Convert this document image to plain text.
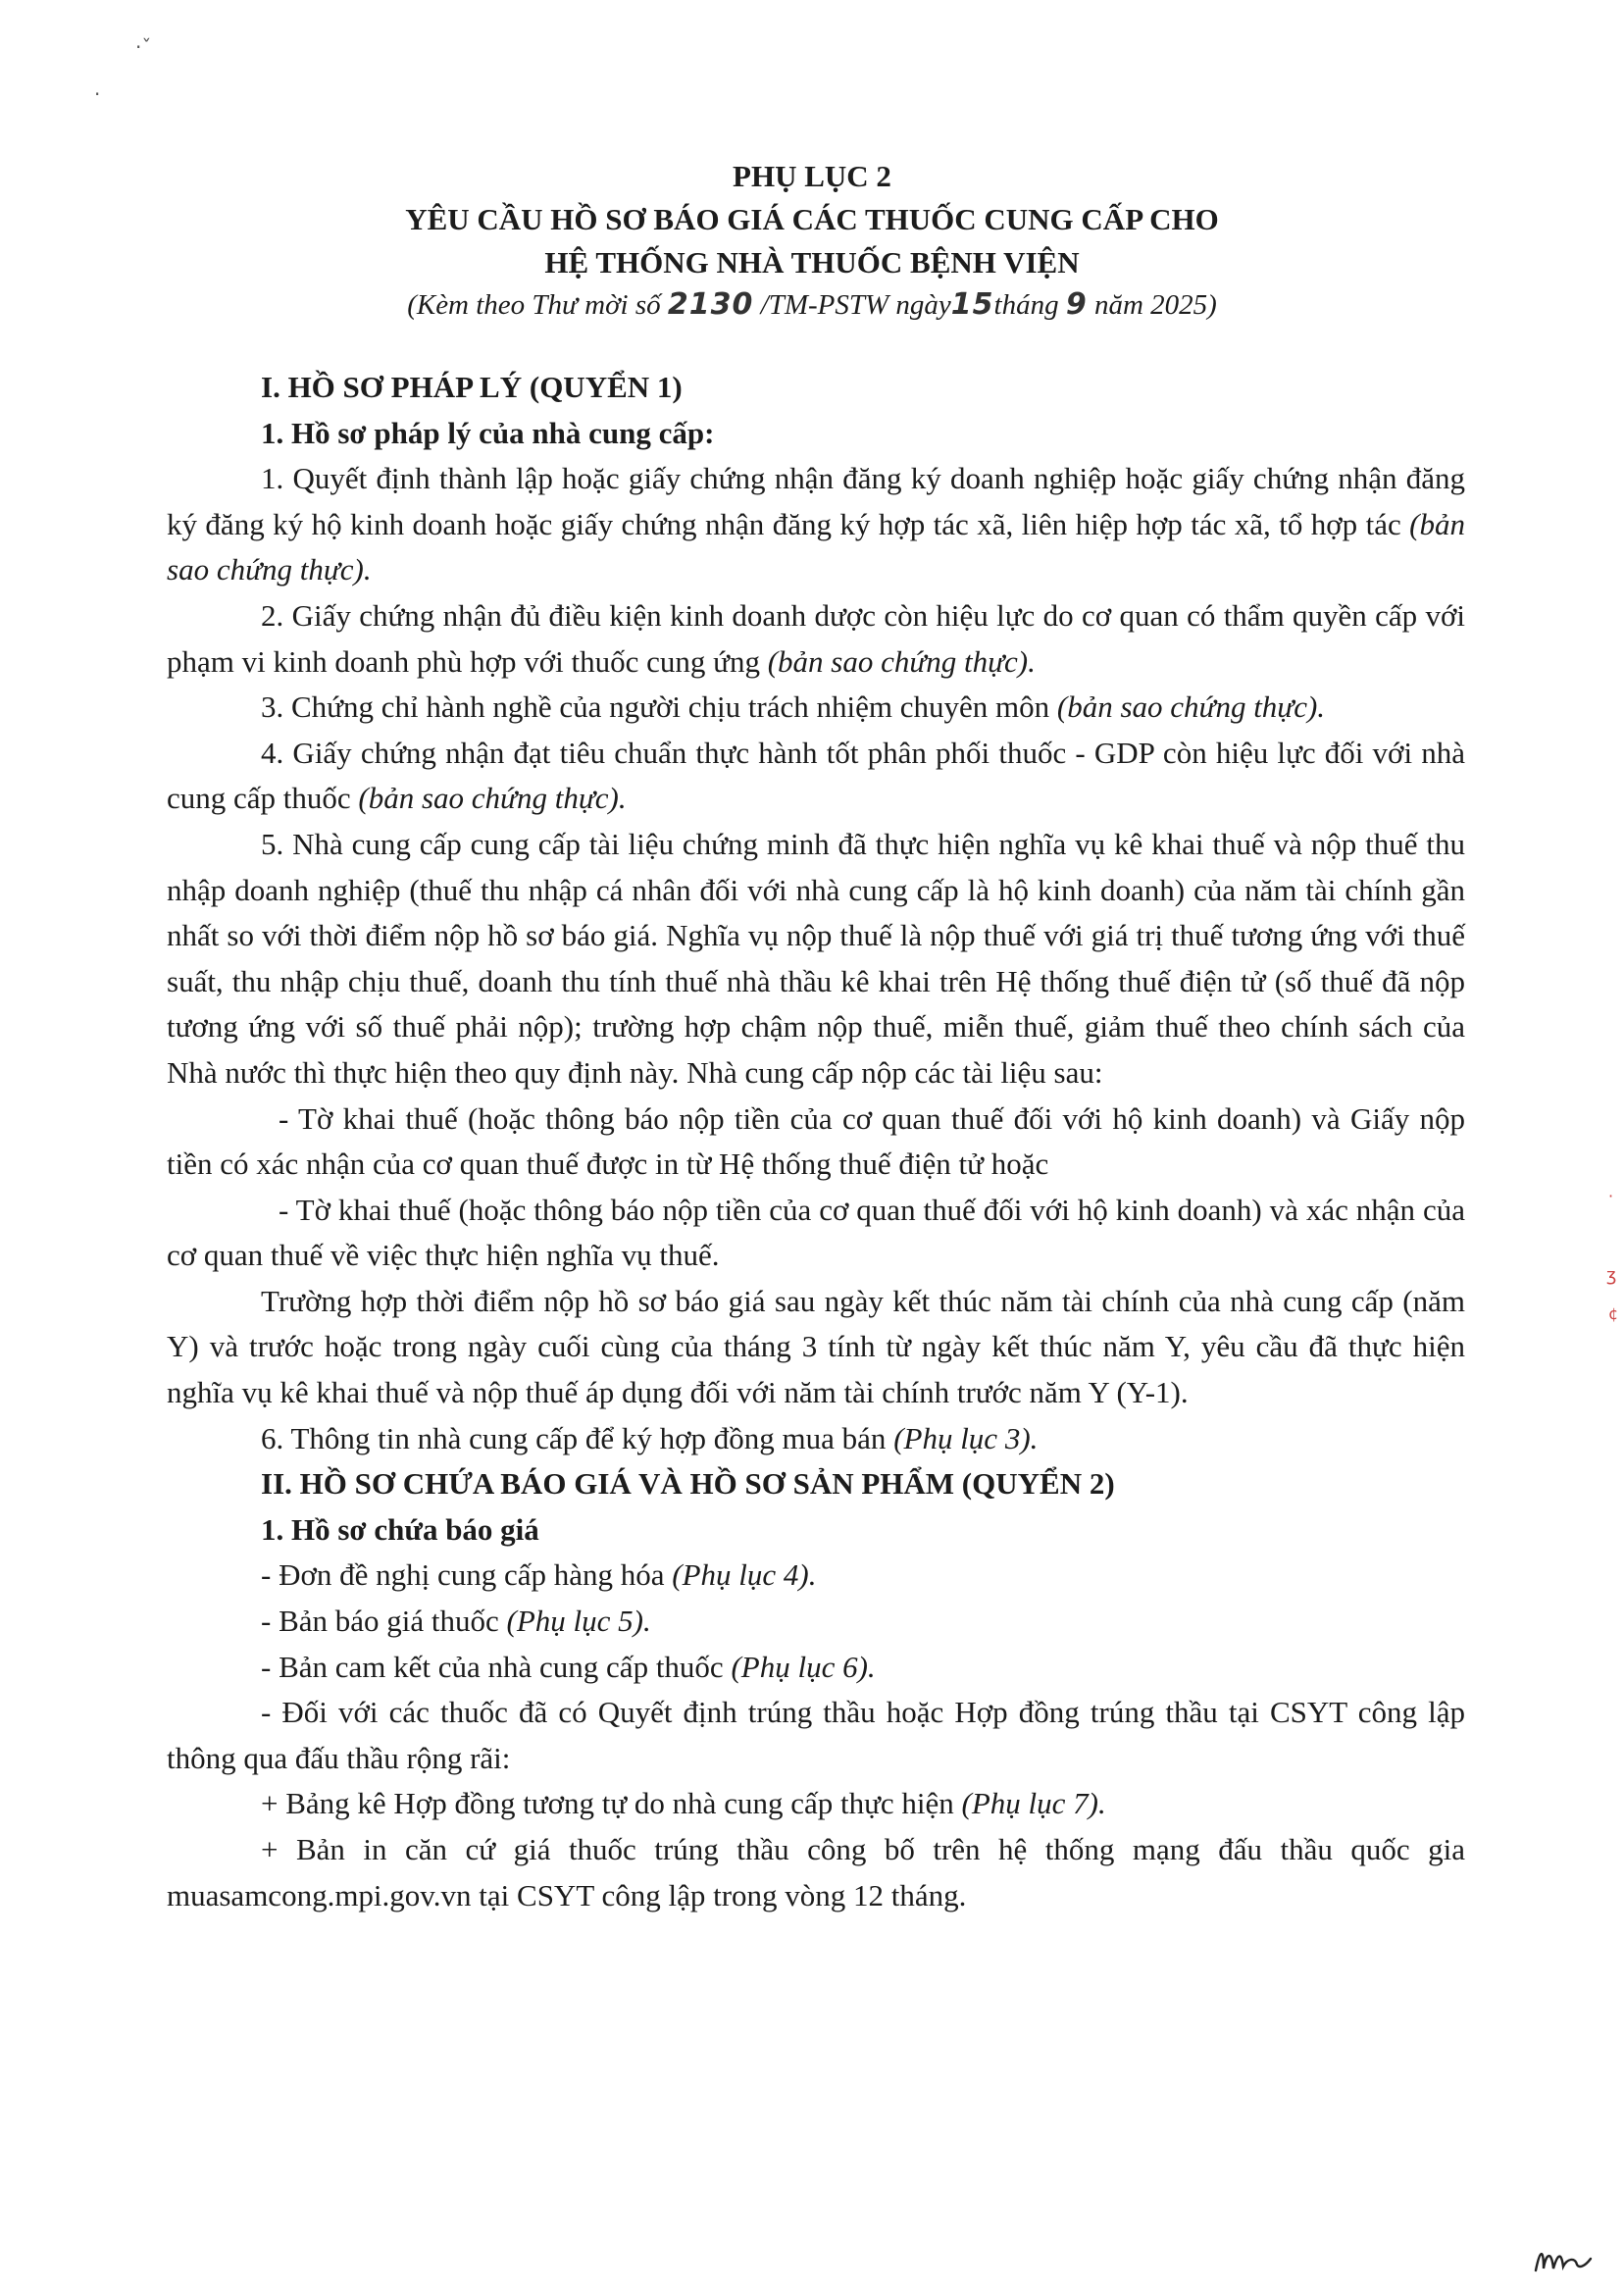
·ˇ
·
PHỤ LỤC 2
YÊU CẦU HỒ SƠ BÁO GIÁ CÁC THUỐC CUNG CẤP CHO
HỆ THỐNG NHÀ THUỐC BỆNH VIỆN
(Kèm theo Thư mời số 2130 /TM-PSTW ngày15tháng 9 năm 2025)

I. HỒ SƠ PHÁP LÝ (QUYỂN 1)

1. Hồ sơ pháp lý của nhà cung cấp:

1. Quyết định thành lập hoặc giấy chứng nhận đăng ký doanh nghiệp hoặc giấy chứng nhận đăng ký đăng ký hộ kinh doanh hoặc giấy chứng nhận đăng ký hợp tác xã, liên hiệp hợp tác xã, tổ hợp tác (bản sao chứng thực).

2. Giấy chứng nhận đủ điều kiện kinh doanh dược còn hiệu lực do cơ quan có thẩm quyền cấp với phạm vi kinh doanh phù hợp với thuốc cung ứng (bản sao chứng thực).

3. Chứng chỉ hành nghề của người chịu trách nhiệm chuyên môn (bản sao chứng thực).

4. Giấy chứng nhận đạt tiêu chuẩn thực hành tốt phân phối thuốc - GDP còn hiệu lực đối với nhà cung cấp thuốc (bản sao chứng thực).

5. Nhà cung cấp cung cấp tài liệu chứng minh đã thực hiện nghĩa vụ kê khai thuế và nộp thuế thu nhập doanh nghiệp (thuế thu nhập cá nhân đối với nhà cung cấp là hộ kinh doanh) của năm tài chính gần nhất so với thời điểm nộp hồ sơ báo giá. Nghĩa vụ nộp thuế là nộp thuế với giá trị thuế tương ứng với thuế suất, thu nhập chịu thuế, doanh thu tính thuế nhà thầu kê khai trên Hệ thống thuế điện tử (số thuế đã nộp tương ứng với số thuế phải nộp); trường hợp chậm nộp thuế, miễn thuế, giảm thuế theo chính sách của Nhà nước thì thực hiện theo quy định này. Nhà cung cấp nộp các tài liệu sau:

- Tờ khai thuế (hoặc thông báo nộp tiền của cơ quan thuế đối với hộ kinh doanh) và Giấy nộp tiền có xác nhận của cơ quan thuế được in từ Hệ thống thuế điện tử hoặc

- Tờ khai thuế (hoặc thông báo nộp tiền của cơ quan thuế đối với hộ kinh doanh) và xác nhận của cơ quan thuế về việc thực hiện nghĩa vụ thuế.

Trường hợp thời điểm nộp hồ sơ báo giá sau ngày kết thúc năm tài chính của nhà cung cấp (năm Y) và trước hoặc trong ngày cuối cùng của tháng 3 tính từ ngày kết thúc năm Y, yêu cầu đã thực hiện nghĩa vụ kê khai thuế và nộp thuế áp dụng đối với năm tài chính trước năm Y (Y-1).

6. Thông tin nhà cung cấp để ký hợp đồng mua bán (Phụ lục 3).

II. HỒ SƠ CHỨA BÁO GIÁ VÀ HỒ SƠ SẢN PHẨM (QUYỂN 2)

1. Hồ sơ chứa báo giá

- Đơn đề nghị cung cấp hàng hóa (Phụ lục 4).

- Bản báo giá thuốc (Phụ lục 5).

- Bản cam kết của nhà cung cấp thuốc (Phụ lục 6).

- Đối với các thuốc đã có Quyết định trúng thầu hoặc Hợp đồng trúng thầu tại CSYT công lập thông qua đấu thầu rộng rãi:

+ Bảng kê Hợp đồng tương tự do nhà cung cấp thực hiện (Phụ lục 7).

+ Bản in căn cứ giá thuốc trúng thầu công bố trên hệ thống mạng đấu thầu quốc gia muasamcong.mpi.gov.vn tại CSYT công lập trong vòng 12 tháng.

·
ʒ
¢
